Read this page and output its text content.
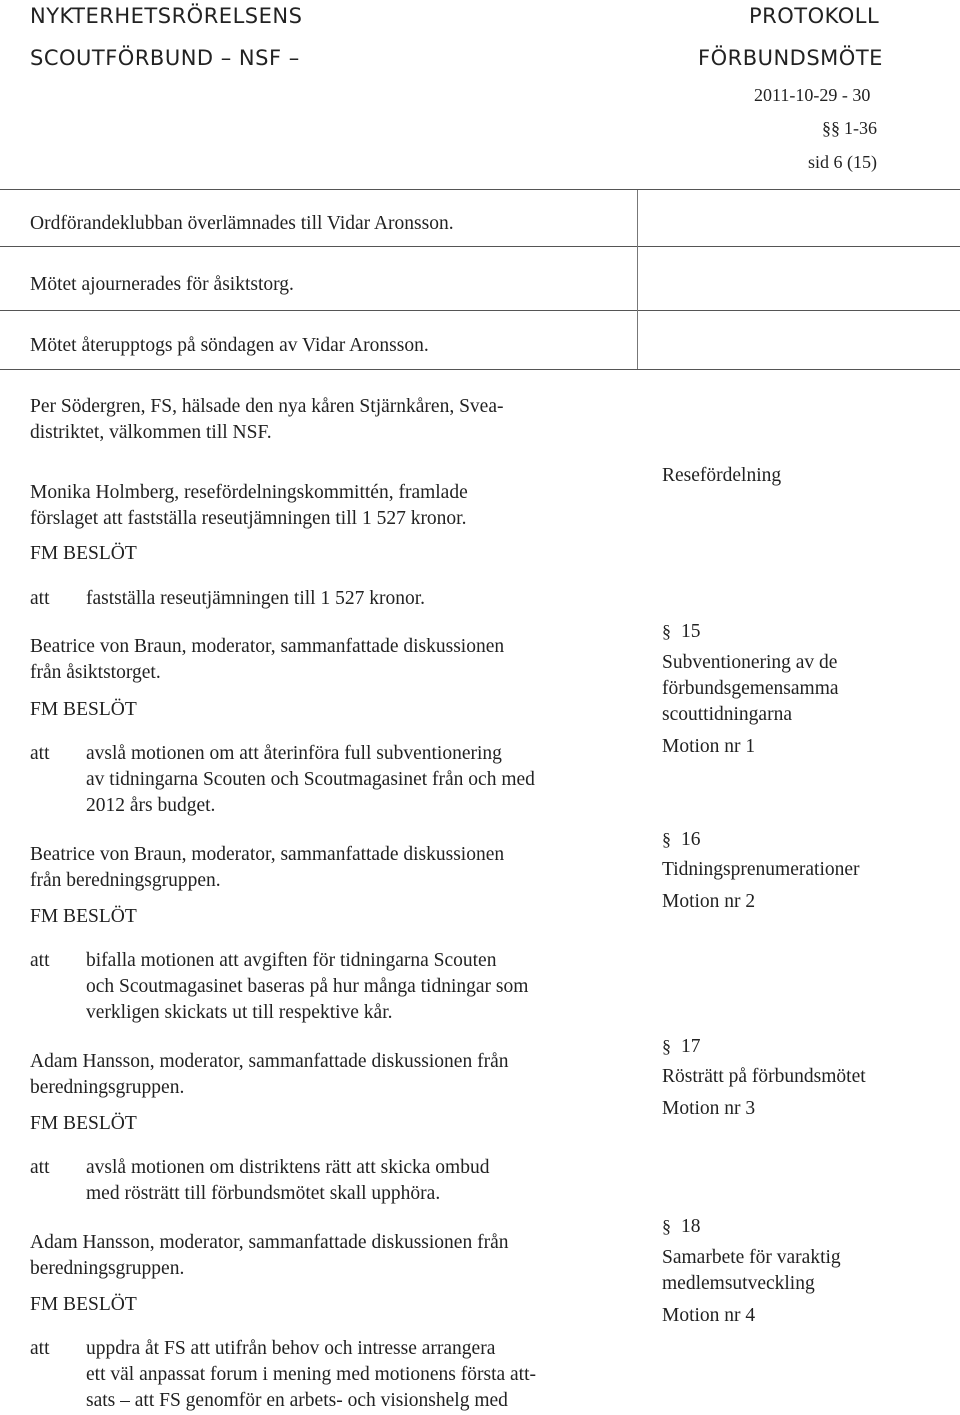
NYKTERHETSRÖRELSENS
SCOUTFÖRBUND – NSF –
PROTOKOLL
FÖRBUNDSMÖTE
2011-10-29 - 30
§§ 1-36
sid 6 (15)
Ordförandeklubban överlämnades till Vidar Aronsson.
Mötet ajournerades för åsiktstorg.
Mötet återupptogs på söndagen av Vidar Aronsson.
Per Södergren, FS, hälsade den nya kåren Stjärnkåren, Svea-
distriktet, välkommen till NSF.
Monika Holmberg, resefördelningskommittén, framlade
förslaget att fastställa reseutjämningen till 1 527 kronor.
FM BESLÖT
att fastställa reseutjämningen till 1 527 kronor.
Beatrice von Braun, moderator, sammanfattade diskussionen
från åsiktstorget.
FM BESLÖT
att avslå motionen om att återinföra full subventionering
av tidningarna Scouten och Scoutmagasinet från och med
2012 års budget.
Beatrice von Braun, moderator, sammanfattade diskussionen
från beredningsgruppen.
FM BESLÖT
att bifalla motionen att avgiften för tidningarna Scouten
och Scoutmagasinet baseras på hur många tidningar som
verkligen skickats ut till respektive kår.
Adam Hansson, moderator, sammanfattade diskussionen från
beredningsgruppen.
FM BESLÖT
att avslå motionen om distriktens rätt att skicka ombud
med rösträtt till förbundsmötet skall upphöra.
Adam Hansson, moderator, sammanfattade diskussionen från
beredningsgruppen.
FM BESLÖT
att uppdra åt FS att utifrån behov och intresse arrangera
ett väl anpassat forum i mening med motionens första att-
sats – att FS genomför en arbets- och visionshelg med
Resefördelning
§ 15
Subventionering av de
förbundsgemensamma
scouttidningarna
Motion nr 1
§ 16
Tidningsprenumerationer
Motion nr 2
§ 17
Rösträtt på förbundsmötet
Motion nr 3
§ 18
Samarbete för varaktig
medlemsutveckling
Motion nr 4
